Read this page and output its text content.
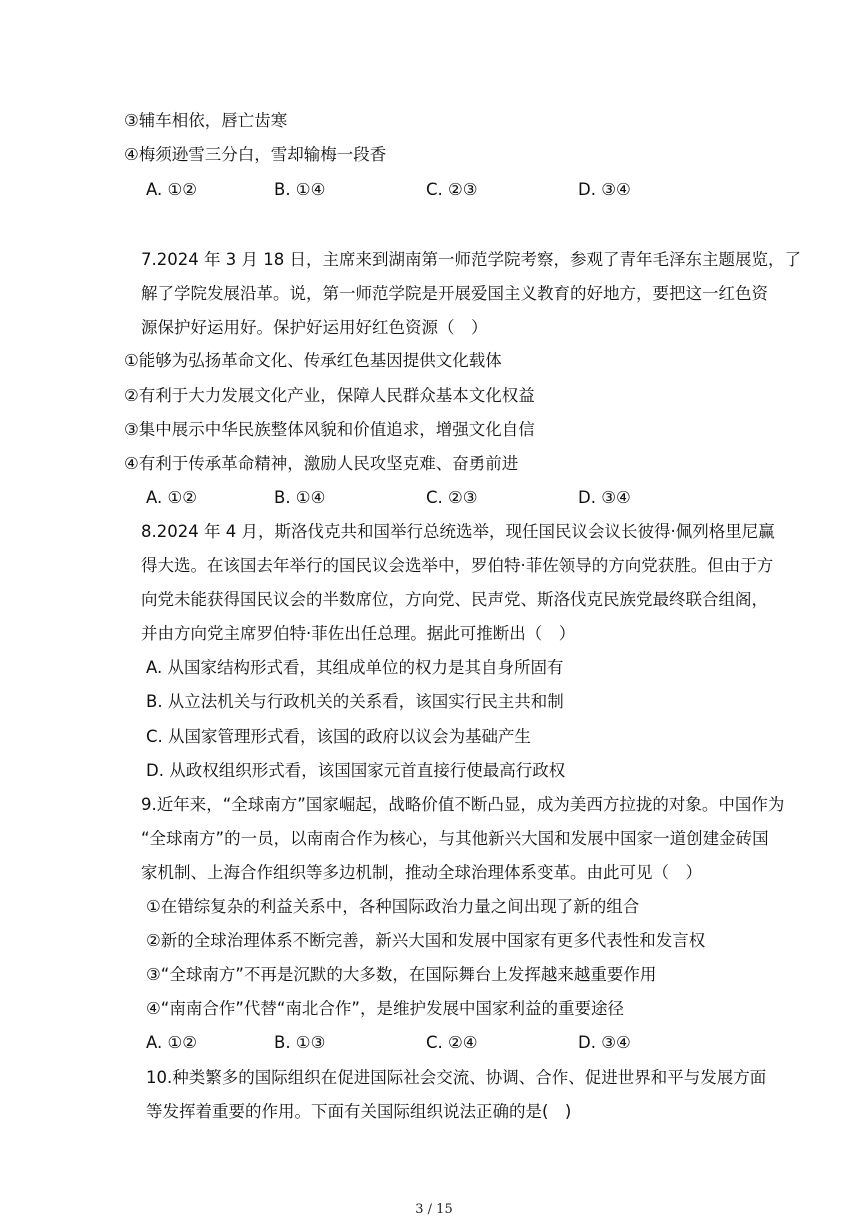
③辅车相依，唇亡齿寒
④梅须逊雪三分白，雪却输梅一段香
A. ①②	B. ①④	C. ②③	D. ③④
7.2024 年 3 月 18 日，主席来到湖南第一师范学院考察，参观了青年毛泽东主题展览，了
解了学院发展沿革。说，第一师范学院是开展爱国主义教育的好地方，要把这一红色资
源保护好运用好。保护好运用好红色资源（　）
①能够为弘扬革命文化、传承红色基因提供文化载体
②有利于大力发展文化产业，保障人民群众基本文化权益
③集中展示中华民族整体风貌和价值追求，增强文化自信
④有利于传承革命精神，激励人民攻坚克难、奋勇前进
A. ①②	B. ①④	C. ②③	D. ③④
8.2024 年 4 月，斯洛伐克共和国举行总统选举，现任国民议会议长彼得·佩列格里尼赢
得大选。在该国去年举行的国民议会选举中，罗伯特·菲佐领导的方向党获胜。但由于方
向党未能获得国民议会的半数席位，方向党、民声党、斯洛伐克民族党最终联合组阁，
并由方向党主席罗伯特·菲佐出任总理。据此可推断出（　）
A. 从国家结构形式看，其组成单位的权力是其自身所固有
B. 从立法机关与行政机关的关系看，该国实行民主共和制
C. 从国家管理形式看，该国的政府以议会为基础产生
D. 从政权组织形式看，该国国家元首直接行使最高行政权
9.近年来，“全球南方”国家崛起，战略价值不断凸显，成为美西方拉拢的对象。中国作为
“全球南方”的一员，以南南合作为核心，与其他新兴大国和发展中国家一道创建金砖国
家机制、上海合作组织等多边机制，推动全球治理体系变革。由此可见（　）
①在错综复杂的利益关系中，各种国际政治力量之间出现了新的组合
②新的全球治理体系不断完善，新兴大国和发展中国家有更多代表性和发言权
③“全球南方”不再是沉默的大多数，在国际舞台上发挥越来越重要作用
④“南南合作”代替“南北合作”，是维护发展中国家利益的重要途径
A. ①②	B. ①③	C. ②④	D. ③④
10.种类繁多的国际组织在促进国际社会交流、协调、合作、促进世界和平与发展方面
等发挥着重要的作用。下面有关国际组织说法正确的是(　)
3 / 15
